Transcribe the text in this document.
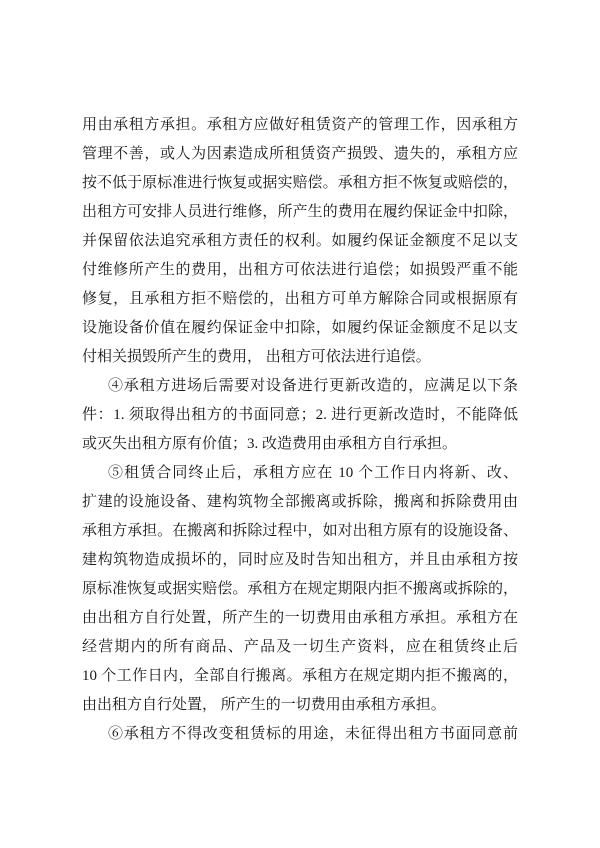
用由承租方承担。承租方应做好租赁资产的管理工作，因承租方
管理不善，或人为因素造成所租赁资产损毁、遗失的，承租方应
按不低于原标准进行恢复或据实赔偿。承租方拒不恢复或赔偿的，
出租方可安排人员进行维修，所产生的费用在履约保证金中扣除，
并保留依法追究承租方责任的权利。如履约保证金额度不足以支
付维修所产生的费用，出租方可依法进行追偿；如损毁严重不能
修复，且承租方拒不赔偿的，出租方可单方解除合同或根据原有
设施设备价值在履约保证金中扣除，如履约保证金额度不足以支
付相关损毁所产生的费用， 出租方可依法进行追偿。
④承租方进场后需要对设备进行更新改造的，应满足以下条
件：1. 须取得出租方的书面同意；2. 进行更新改造时，不能降低
或灭失出租方原有价值；3. 改造费用由承租方自行承担。
⑤租赁合同终止后，承租方应在 10 个工作日内将新、改、
扩建的设施设备、建构筑物全部搬离或拆除，搬离和拆除费用由
承租方承担。在搬离和拆除过程中，如对出租方原有的设施设备、
建构筑物造成损坏的，同时应及时告知出租方，并且由承租方按
原标准恢复或据实赔偿。承租方在规定期限内拒不搬离或拆除的，
由出租方自行处置，所产生的一切费用由承租方承担。承租方在
经营期内的所有商品、产品及一切生产资料，应在租赁终止后
10 个工作日内，全部自行搬离。承租方在规定期内拒不搬离的，
由出租方自行处置， 所产生的一切费用由承租方承担。
⑥承租方不得改变租赁标的用途，未征得出租方书面同意前
